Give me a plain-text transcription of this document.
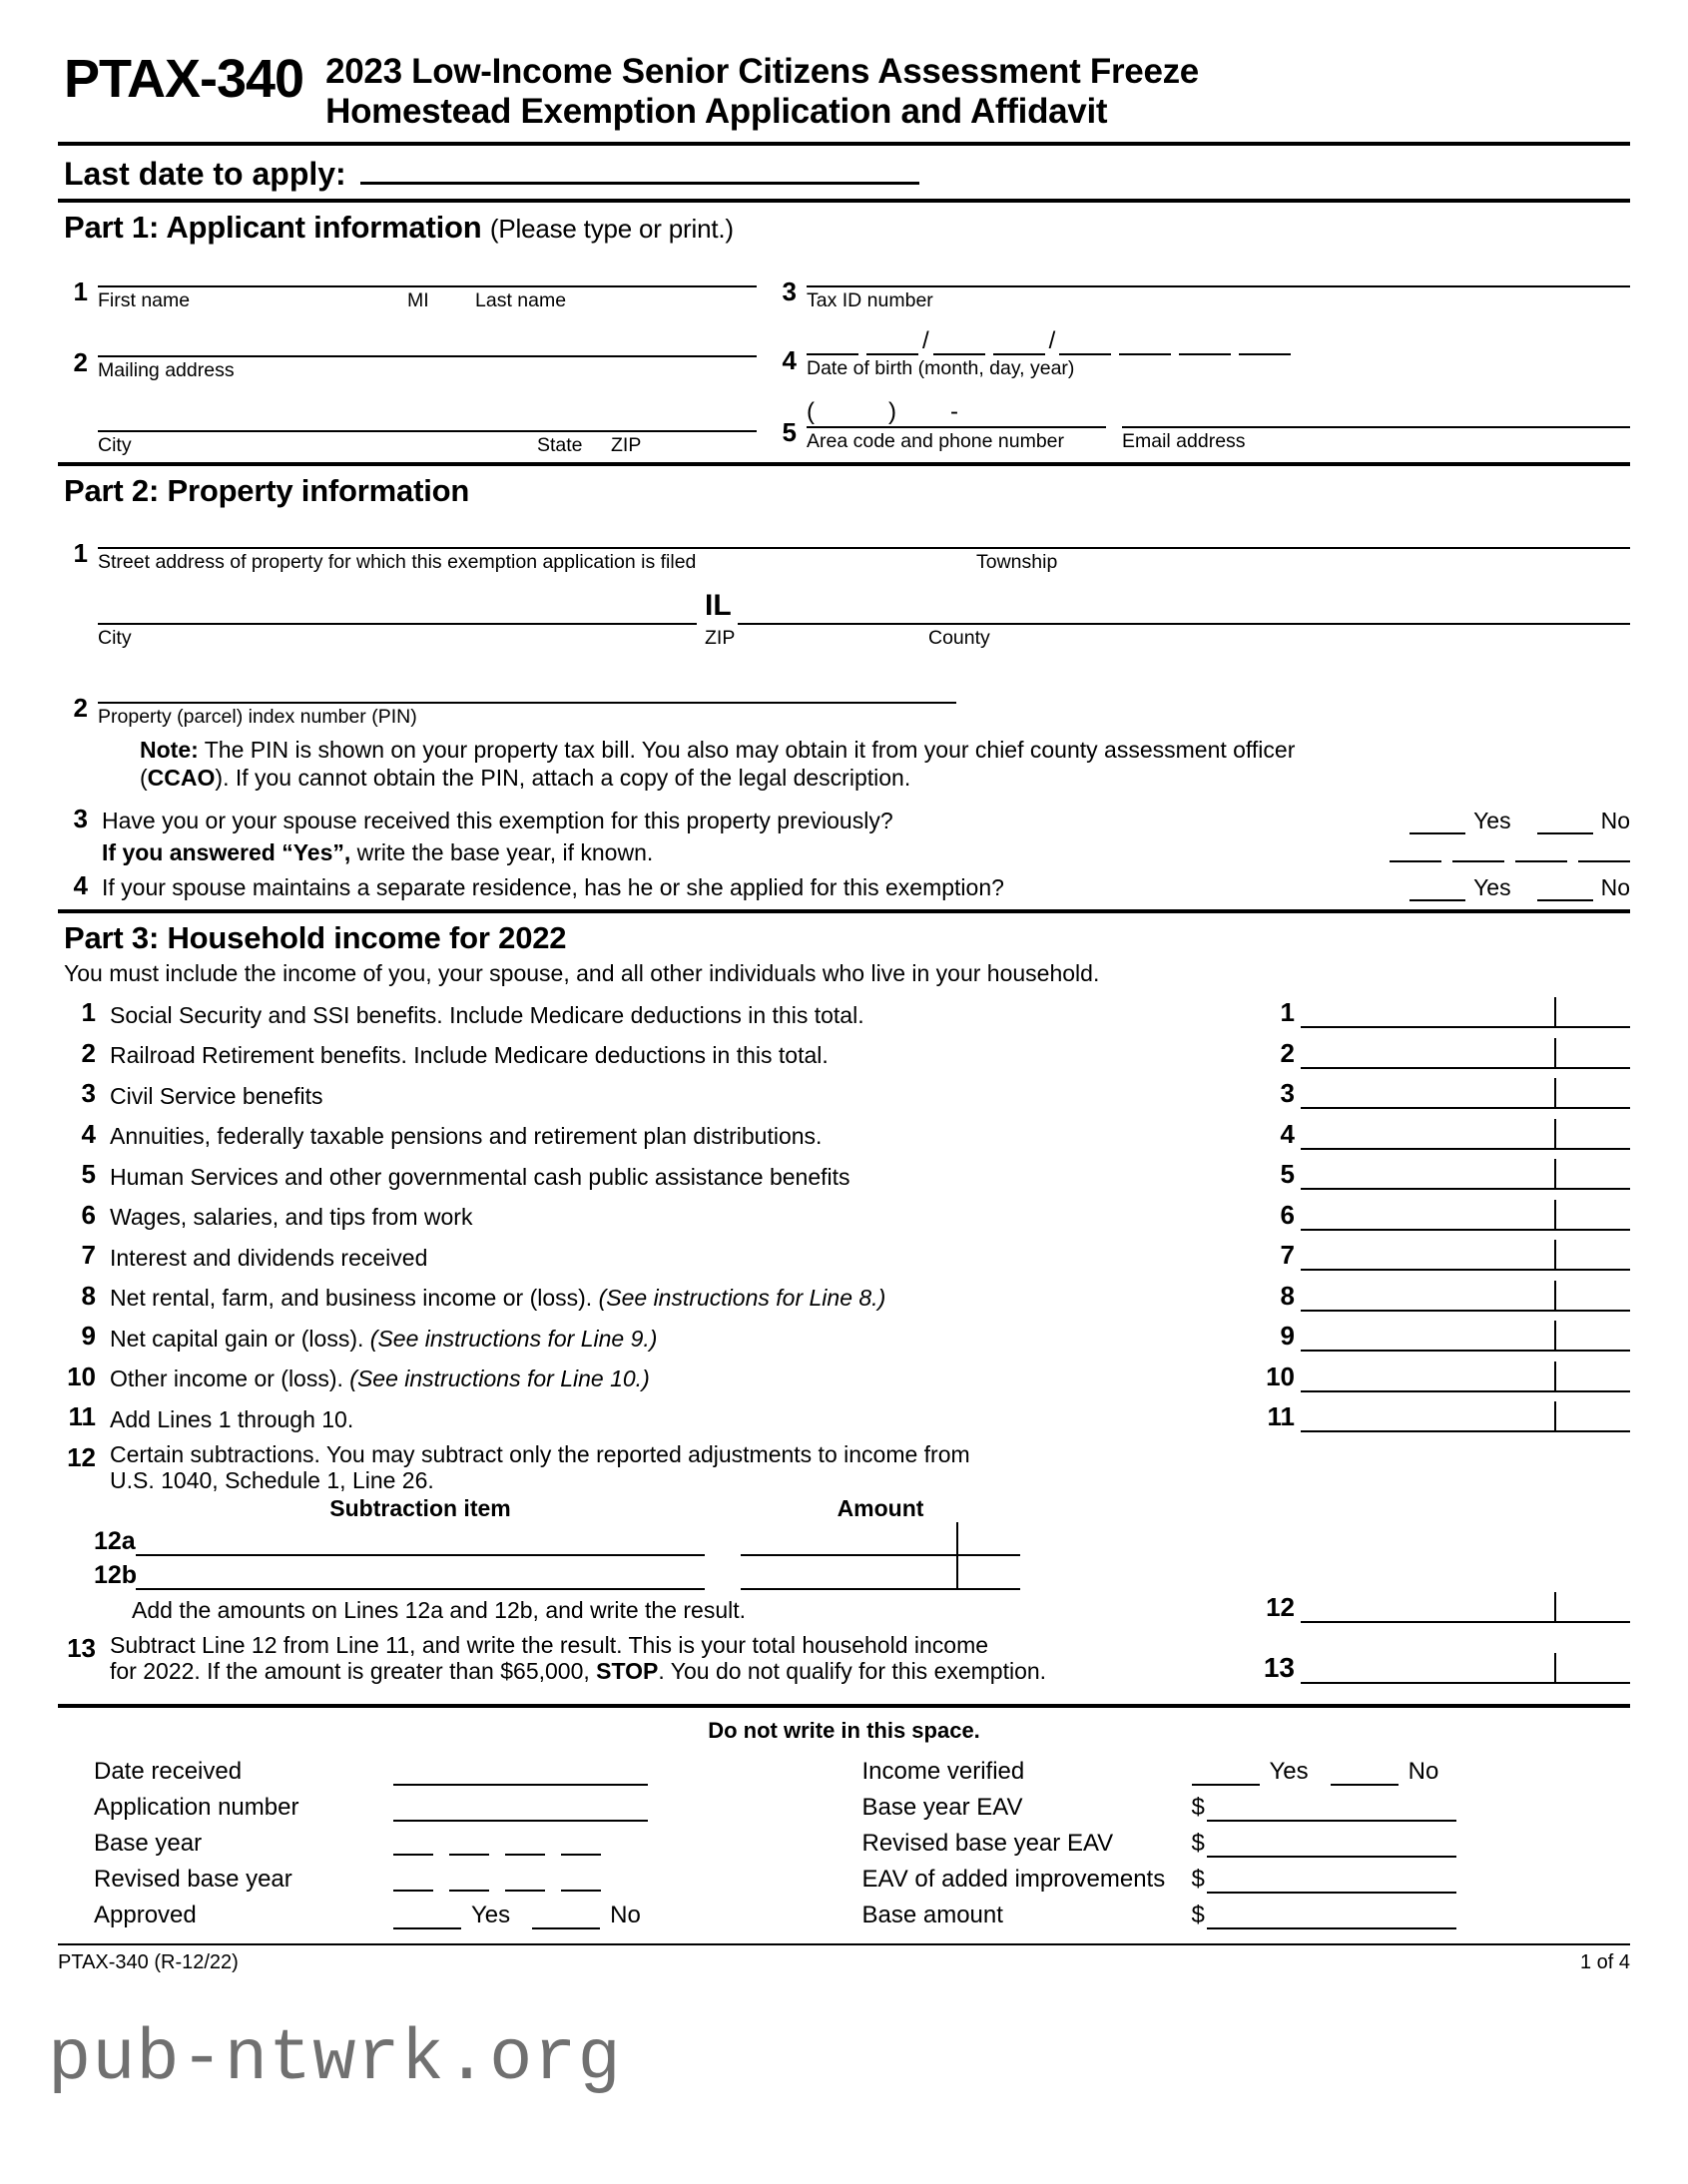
PTAX-340 2023 Low-Income Senior Citizens Assessment Freeze
Homestead Exemption Application and Affidavit
Last date to apply:
Part 1: Applicant information (Please type or print.)
1 First name	MI	Last name
2 Mailing address
City	State	ZIP
3 Tax ID number
4
/	/
Date of birth (month, day, year)
5
(	) -
Area code and phone number	Email address
Part 2: Property information
1 Street address of property for which this exemption application is filed	Township
IL
City	ZIP	County
2 Property (parcel) index number (PIN)
Note: The PIN is shown on your property tax bill. You also may obtain it from your chief county assessment officer
(CCAO). If you cannot obtain the PIN, attach a copy of the legal description.
3 Have you or your spouse received this exemption for this property previously?	Yes	No
If you answered “Yes”, write the base year, if known.
4 If your spouse maintains a separate residence, has he or she applied for this exemption?	Yes	No
Part 3: Household income for 2022
You must include the income of you, your spouse, and all other individuals who live in your household.
1 Social Security and SSI benefits. Include Medicare deductions in this total.	1
2 Railroad Retirement benefits. Include Medicare deductions in this total.	2
3 Civil Service benefits	3
4 Annuities, federally taxable pensions and retirement plan distributions.	4
5 Human Services and other governmental cash public assistance benefits	5
6 Wages, salaries, and tips from work	6
7 Interest and dividends received	7
8 Net rental, farm, and business income or (loss). (See instructions for Line 8.)	8
9 Net capital gain or (loss). (See instructions for Line 9.)	9
10 Other income or (loss). (See instructions for Line 10.)	10
11 Add Lines 1 through 10.	11
12 Certain subtractions. You may subtract only the reported adjustments to income from
U.S. 1040, Schedule 1, Line 26.
Subtraction item	Amount
12a
12b
Add the amounts on Lines 12a and 12b, and write the result.	12
13 Subtract Line 12 from Line 11, and write the result. This is your total household income
for 2022. If the amount is greater than $65,000, STOP. You do not qualify for this exemption.	13
Do not write in this space.
Date received
Application number
Base year
Revised base year
Approved	Yes	No
Income verified	Yes	No
Base year EAV	$
Revised base year EAV	$
EAV of added improvements	$
Base amount	$
PTAX-340 (R-12/22)	1 of 4
pub-ntwrk.org
